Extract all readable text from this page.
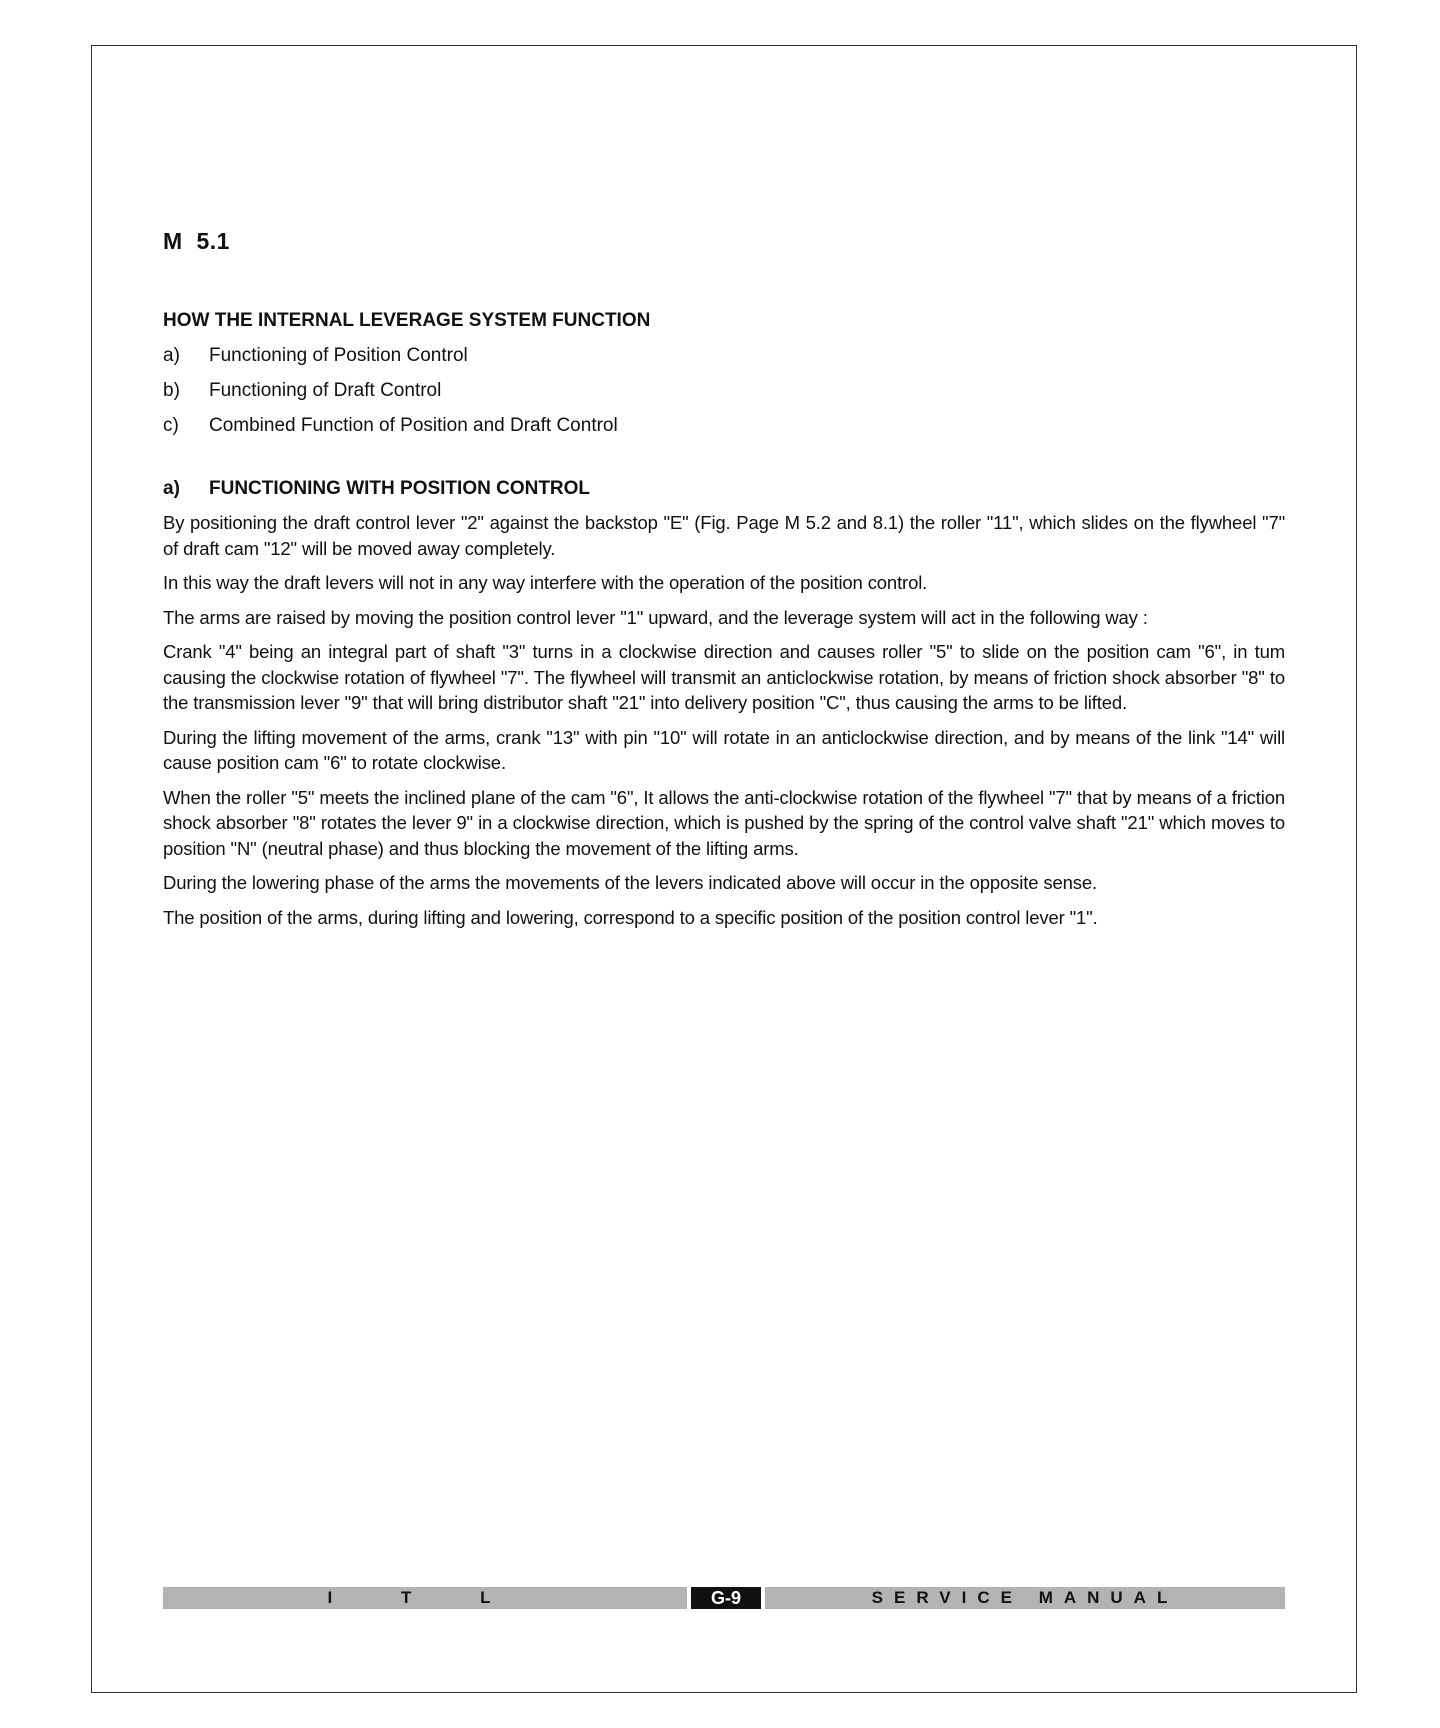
M  5.1
HOW THE INTERNAL LEVERAGE SYSTEM FUNCTION
a)	Functioning of Position Control
b)	Functioning of Draft Control
c)	Combined Function of Position and Draft Control
a)	FUNCTIONING WITH POSITION CONTROL

By positioning the draft control lever "2" against the backstop "E" (Fig. Page M 5.2 and 8.1) the roller "11", which slides on the flywheel "7" of draft cam "12" will be moved away completely.

In this way the draft levers will not in any way interfere with the operation of the position control.

The arms are raised by moving the position control lever "1" upward, and the leverage system will act in the following way :

Crank "4" being an integral part of shaft "3" turns in a clockwise direction and causes roller "5" to slide on the position cam "6", in tum causing the clockwise rotation of flywheel "7". The flywheel will transmit an anticlockwise rotation, by means of friction shock absorber "8" to the transmission lever "9" that will bring distributor shaft "21" into delivery position "C", thus causing the arms to be lifted.

During the lifting movement of the arms, crank "13" with pin "10" will rotate in an anticlockwise direction, and by means of the link "14" will cause position cam "6" to rotate clockwise.

When the roller "5" meets the inclined plane of the cam "6", It allows the anti-clockwise rotation of the flywheel "7" that by means of a friction shock absorber "8" rotates the lever 9" in a clockwise direction, which is pushed by the spring of the control valve shaft "21" which moves to position "N" (neutral phase) and thus blocking the movement of the lifting arms.

During the lowering phase of the arms the movements of the levers indicated above will occur in the opposite sense.

The position of the arms, during lifting and lowering, correspond to a specific position of the position control lever "1".

I T L	G-9	SERVICE MANUAL
